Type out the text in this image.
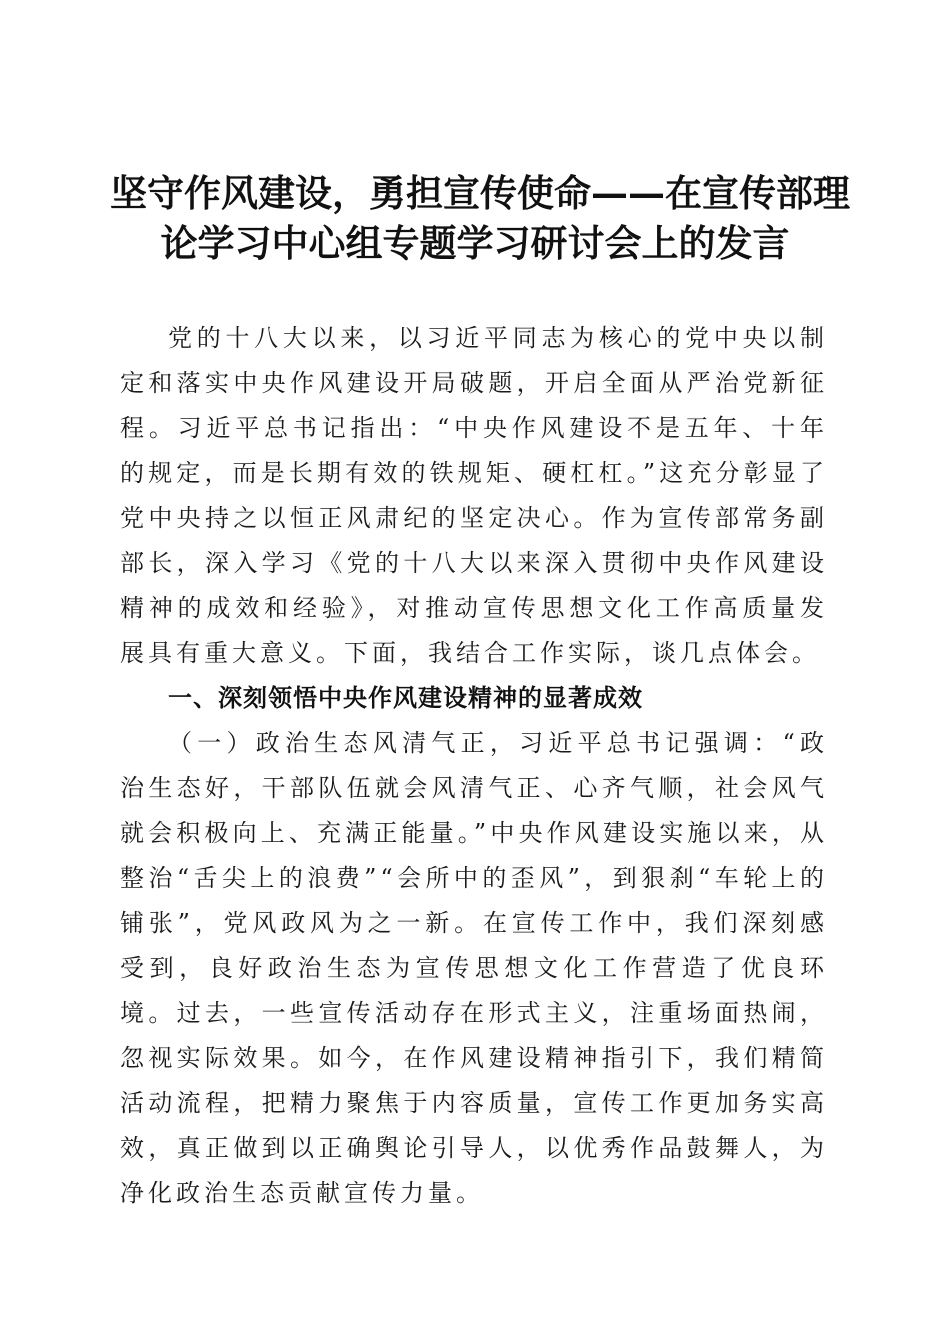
坚守作风建设，勇担宣传使命——在宣传部理
论学习中心组专题学习研讨会上的发言

党的十八大以来，以习近平同志为核心的党中央以制定和落实中央作风建设开局破题，开启全面从严治党新征程。习近平总书记指出：“中央作风建设不是五年、十年的规定，而是长期有效的铁规矩、硬杠杠。”这充分彰显了党中央持之以恒正风肃纪的坚定决心。作为宣传部常务副部长，深入学习《党的十八大以来深入贯彻中央作风建设精神的成效和经验》，对推动宣传思想文化工作高质量发展具有重大意义。下面，我结合工作实际，谈几点体会。

一、深刻领悟中央作风建设精神的显著成效

（一）政治生态风清气正，习近平总书记强调：“政治生态好，干部队伍就会风清气正、心齐气顺，社会风气就会积极向上、充满正能量。”中央作风建设实施以来，从整治“舌尖上的浪费”“会所中的歪风”，到狠刹“车轮上的铺张”，党风政风为之一新。在宣传工作中，我们深刻感受到，良好政治生态为宣传思想文化工作营造了优良环境。过去，一些宣传活动存在形式主义，注重场面热闹，忽视实际效果。如今，在作风建设精神指引下，我们精简活动流程，把精力聚焦于内容质量，宣传工作更加务实高效，真正做到以正确舆论引导人，以优秀作品鼓舞人，为净化政治生态贡献宣传力量。
